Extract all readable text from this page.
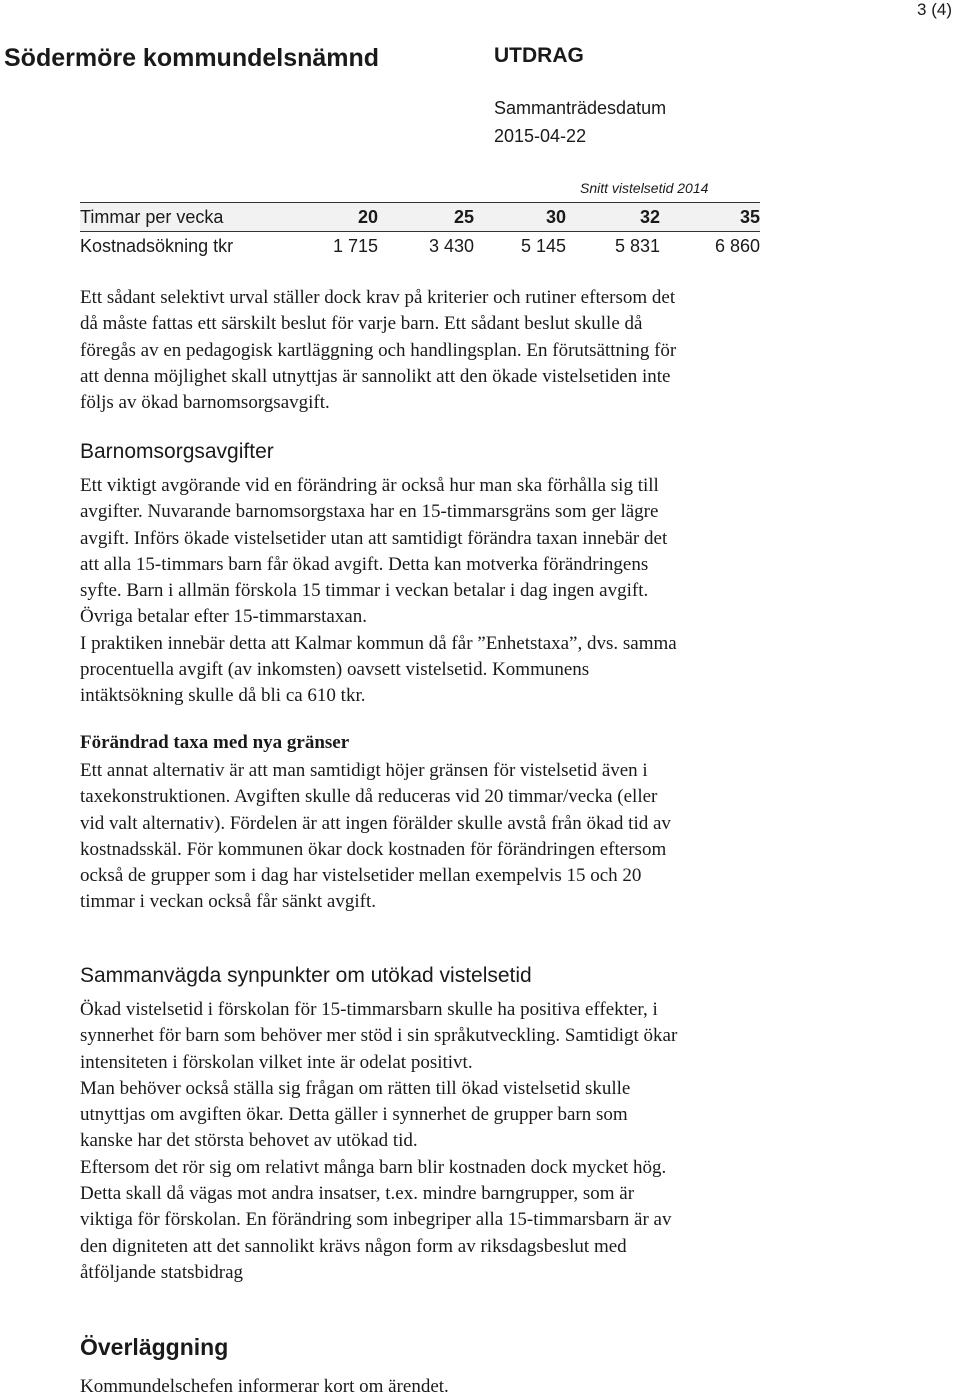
3 (4)
Södermöre kommundelsnämnd	UTDRAG
Sammanträdesdatum
2015-04-22
Snitt vistelsetid 2014
Timmar per vecka	20	25	30	32	35
Kostnadsökning tkr	1 715	3 430	5 145	5 831	6 860
Ett sådant selektivt urval ställer dock krav på kriterier och rutiner eftersom det
då måste fattas ett särskilt beslut för varje barn. Ett sådant beslut skulle då
föregås av en pedagogisk kartläggning och handlingsplan. En förutsättning för
att denna möjlighet skall utnyttjas är sannolikt att den ökade vistelsetiden inte
följs av ökad barnomsorgsavgift.
Barnomsorgsavgifter
Ett viktigt avgörande vid en förändring är också hur man ska förhålla sig till
avgifter. Nuvarande barnomsorgstaxa har en 15-timmarsgräns som ger lägre
avgift. Införs ökade vistelsetider utan att samtidigt förändra taxan innebär det
att alla 15-timmars barn får ökad avgift. Detta kan motverka förändringens
syfte. Barn i allmän förskola 15 timmar i veckan betalar i dag ingen avgift.
Övriga betalar efter 15-timmarstaxan.
I praktiken innebär detta att Kalmar kommun då får ”Enhetstaxa”, dvs. samma
procentuella avgift (av inkomsten) oavsett vistelsetid. Kommunens
intäktsökning skulle då bli ca 610 tkr.
Förändrad taxa med nya gränser
Ett annat alternativ är att man samtidigt höjer gränsen för vistelsetid även i
taxekonstruktionen. Avgiften skulle då reduceras vid 20 timmar/vecka (eller
vid valt alternativ). Fördelen är att ingen förälder skulle avstå från ökad tid av
kostnadsskäl. För kommunen ökar dock kostnaden för förändringen eftersom
också de grupper som i dag har vistelsetider mellan exempelvis 15 och 20
timmar i veckan också får sänkt avgift.
Sammanvägda synpunkter om utökad vistelsetid
Ökad vistelsetid i förskolan för 15-timmarsbarn skulle ha positiva effekter, i
synnerhet för barn som behöver mer stöd i sin språkutveckling. Samtidigt ökar
intensiteten i förskolan vilket inte är odelat positivt.
Man behöver också ställa sig frågan om rätten till ökad vistelsetid skulle
utnyttjas om avgiften ökar. Detta gäller i synnerhet de grupper barn som
kanske har det största behovet av utökad tid.
Eftersom det rör sig om relativt många barn blir kostnaden dock mycket hög.
Detta skall då vägas mot andra insatser, t.ex. mindre barngrupper, som är
viktiga för förskolan. En förändring som inbegriper alla 15-timmarsbarn är av
den digniteten att det sannolikt krävs någon form av riksdagsbeslut med
åtföljande statsbidrag
Överläggning
Kommundelschefen informerar kort om ärendet.
